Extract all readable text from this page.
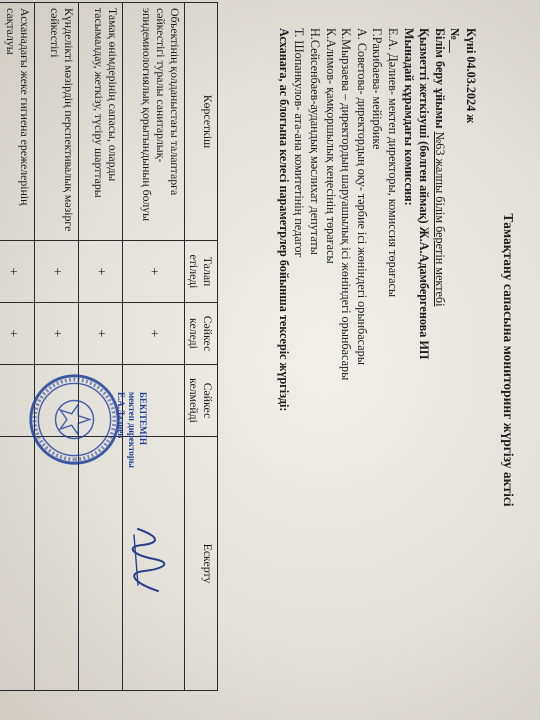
Тамақтану сапасына мониторинг жүргізу актісі
Күні 04.03.2024 ж
№__
Білім беру ұйымы №63 жалпы білім беретін мектебі
Қызметті жеткізуші (бөлген аймақ) Ж.А.Адамбергенова ИП
Мынадай құрамдағы комиссия:
Е.А. Дәлиев- мектеп директоры, комиссия төрағасы
Г.Ракибаева- мейірбике
А. Советова- директордың оқу- тәрбие ісі жөніндегі орынбасары
К.Мырзаева – директордың шаруашылық ісі жөніндегі орынбасары
К.Алимов- қамқоршылық кеңесінің төрағасы
Н.Сейсенбаев-аудандық мәслихат депутаты
Т. Шопанкулов- ата-ана комитетінің педагог
Асханаға, ас блогына келесі параметрлер бойынша тексеріс жүргізді:
Көрсеткіш	Талап етіледі	Сәйкес келеді	Сәйкес келмейді	Ескерту
Объектінің қолданыстағы талаптарға сәйкестігі туралы санитарлық-эпидемиологиялық қорытындының болуы	+	+		
Тамақ өнімдерінің сапасы, оларды тасымалдау, жеткізу, түсіру шарттары	+	+		
Күнделікті мәзірдің перспективалық мәзірге сәйкестігі	+	+		
Асханадағы жеке гигиена ережелерінің сақталуы	+	+		
БЕКІТЕМІН
мектеп директоры
Е.А.Дәлиев
